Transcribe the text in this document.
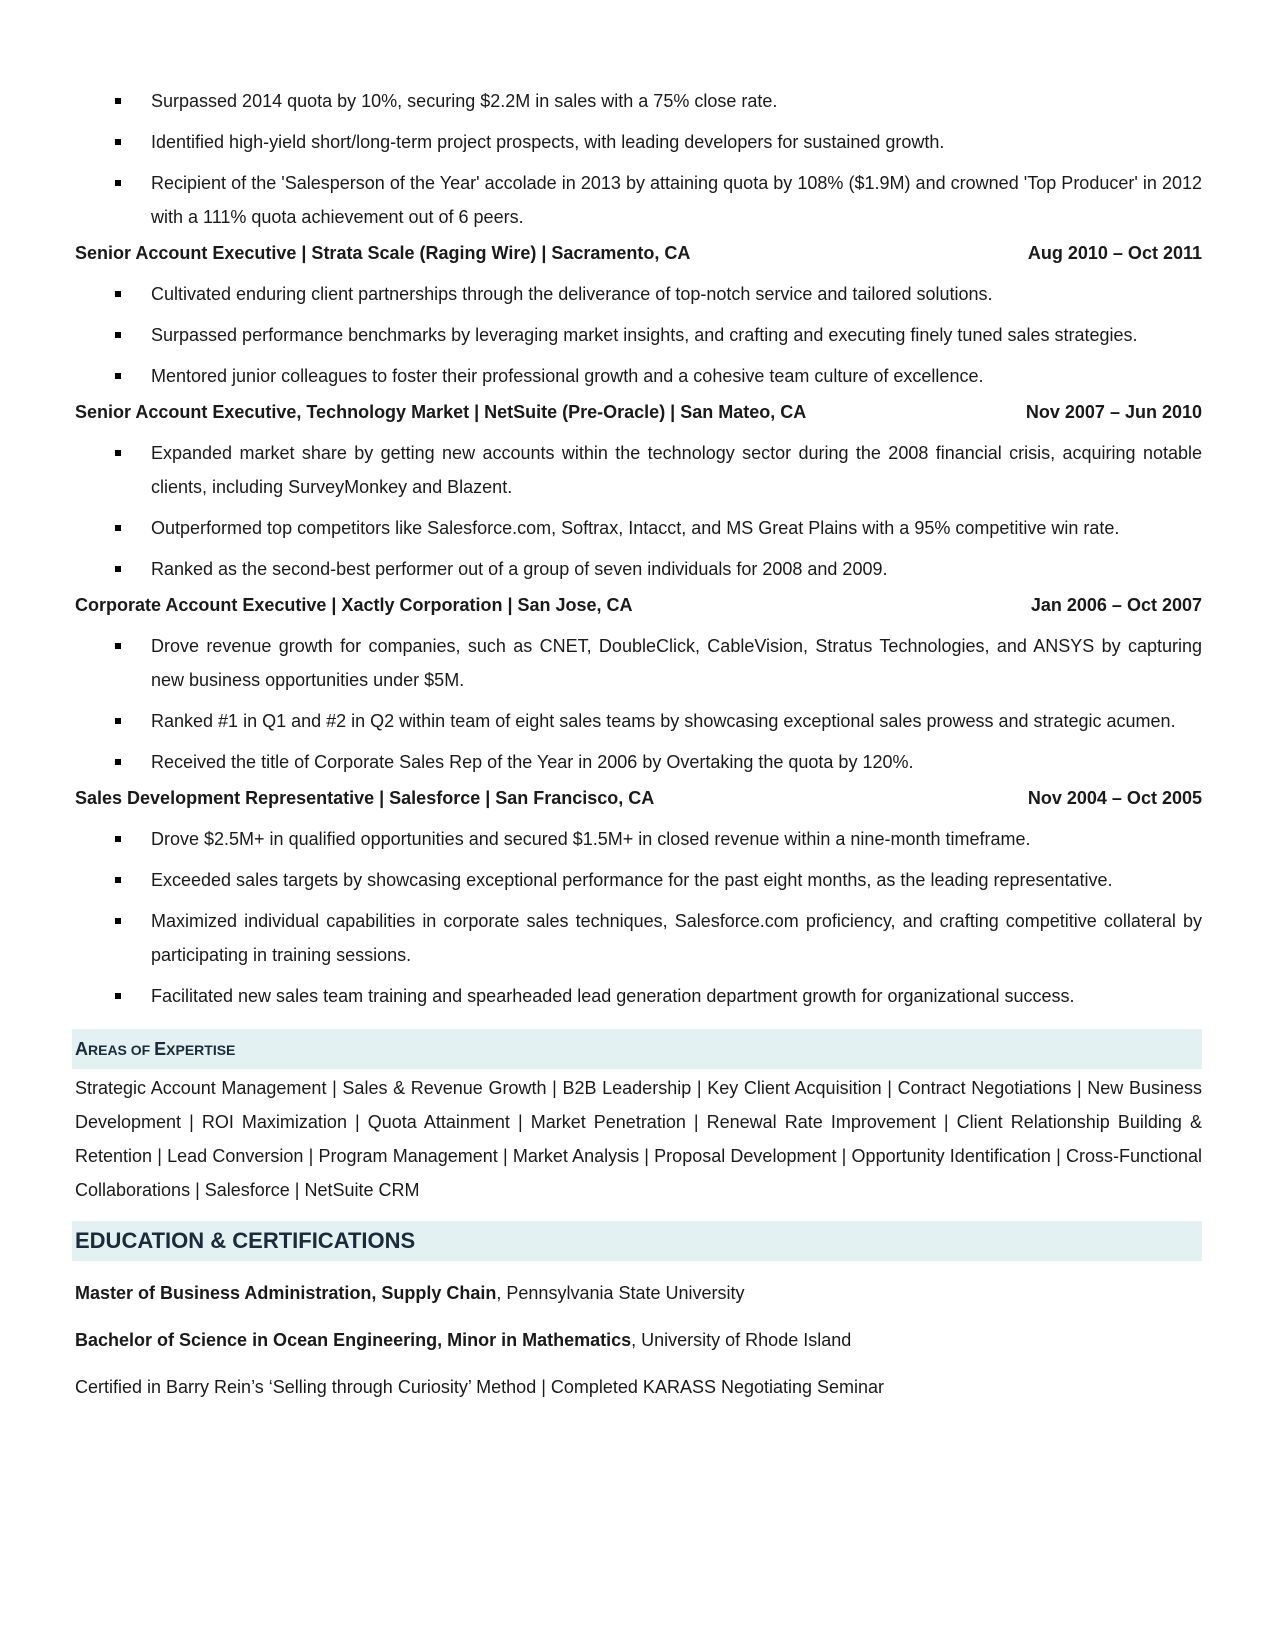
Surpassed 2014 quota by 10%, securing $2.2M in sales with a 75% close rate.
Identified high-yield short/long-term project prospects, with leading developers for sustained growth.
Recipient of the 'Salesperson of the Year' accolade in 2013 by attaining quota by 108% ($1.9M) and crowned 'Top Producer' in 2012 with a 111% quota achievement out of 6 peers.
Senior Account Executive | Strata Scale (Raging Wire) | Sacramento, CA	Aug 2010 – Oct 2011
Cultivated enduring client partnerships through the deliverance of top-notch service and tailored solutions.
Surpassed performance benchmarks by leveraging market insights, and crafting and executing finely tuned sales strategies.
Mentored junior colleagues to foster their professional growth and a cohesive team culture of excellence.
Senior Account Executive, Technology Market | NetSuite (Pre-Oracle) | San Mateo, CA	Nov 2007 – Jun 2010
Expanded market share by getting new accounts within the technology sector during the 2008 financial crisis, acquiring notable clients, including SurveyMonkey and Blazent.
Outperformed top competitors like Salesforce.com, Softrax, Intacct, and MS Great Plains with a 95% competitive win rate.
Ranked as the second-best performer out of a group of seven individuals for 2008 and 2009.
Corporate Account Executive | Xactly Corporation | San Jose, CA	Jan 2006 – Oct 2007
Drove revenue growth for companies, such as CNET, DoubleClick, CableVision, Stratus Technologies, and ANSYS by capturing new business opportunities under $5M.
Ranked #1 in Q1 and #2 in Q2 within team of eight sales teams by showcasing exceptional sales prowess and strategic acumen.
Received the title of Corporate Sales Rep of the Year in 2006 by Overtaking the quota by 120%.
Sales Development Representative | Salesforce | San Francisco, CA	Nov 2004 – Oct 2005
Drove $2.5M+ in qualified opportunities and secured $1.5M+ in closed revenue within a nine-month timeframe.
Exceeded sales targets by showcasing exceptional performance for the past eight months, as the leading representative.
Maximized individual capabilities in corporate sales techniques, Salesforce.com proficiency, and crafting competitive collateral by participating in training sessions.
Facilitated new sales team training and spearheaded lead generation department growth for organizational success.
AREAS OF EXPERTISE
Strategic Account Management | Sales & Revenue Growth | B2B Leadership | Key Client Acquisition | Contract Negotiations | New Business Development | ROI Maximization | Quota Attainment | Market Penetration | Renewal Rate Improvement | Client Relationship Building & Retention | Lead Conversion | Program Management | Market Analysis | Proposal Development | Opportunity Identification | Cross-Functional Collaborations | Salesforce | NetSuite CRM
EDUCATION & CERTIFICATIONS
Master of Business Administration, Supply Chain, Pennsylvania State University
Bachelor of Science in Ocean Engineering, Minor in Mathematics, University of Rhode Island
Certified in Barry Rein’s ‘Selling through Curiosity’ Method | Completed KARASS Negotiating Seminar
